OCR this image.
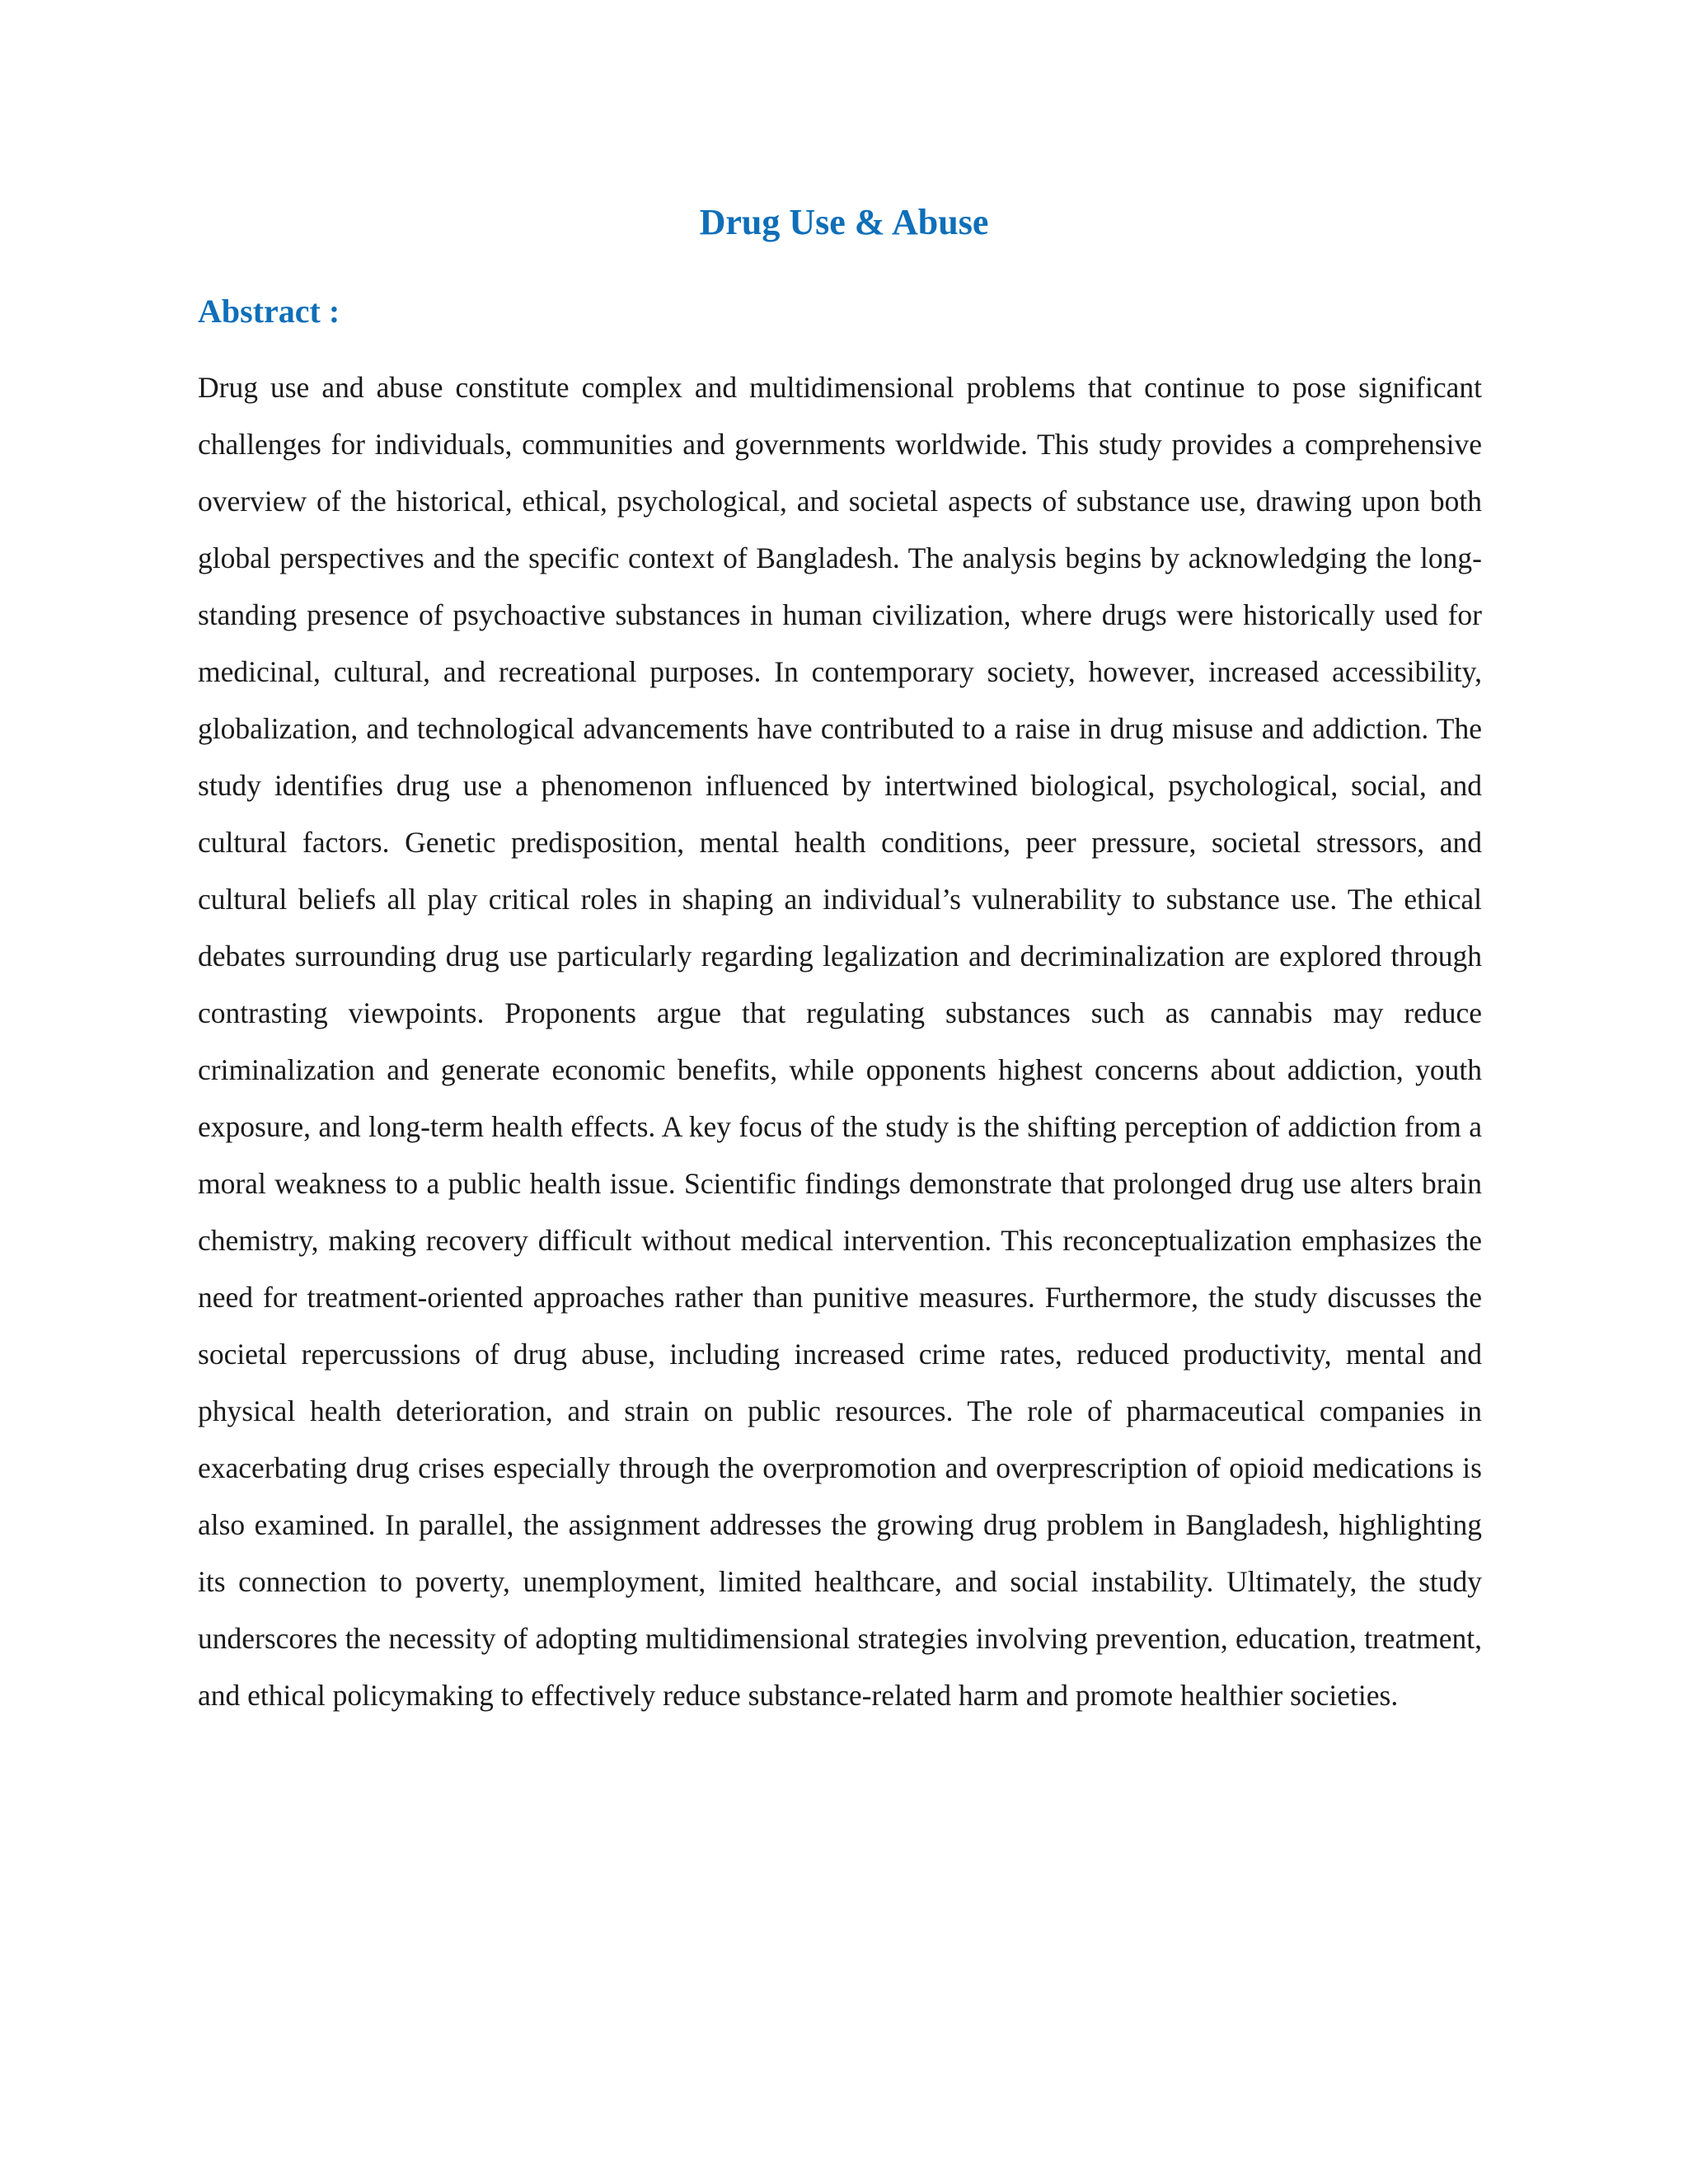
Drug Use & Abuse
Abstract :

Drug use and abuse constitute complex and multidimensional problems that continue to pose significant challenges for individuals, communities and governments worldwide. This study provides a comprehensive overview of the historical, ethical, psychological, and societal aspects of substance use, drawing upon both global perspectives and the specific context of Bangladesh. The analysis begins by acknowledging the long-standing presence of psychoactive substances in human civilization, where drugs were historically used for medicinal, cultural, and recreational purposes. In contemporary society, however, increased accessibility, globalization, and technological advancements have contributed to a raise in drug misuse and addiction. The study identifies drug use a phenomenon influenced by intertwined biological, psychological, social, and cultural factors. Genetic predisposition, mental health conditions, peer pressure, societal stressors, and cultural beliefs all play critical roles in shaping an individual’s vulnerability to substance use. The ethical debates surrounding drug use particularly regarding legalization and decriminalization are explored through contrasting viewpoints. Proponents argue that regulating substances such as cannabis may reduce criminalization and generate economic benefits, while opponents highest concerns about addiction, youth exposure, and long-term health effects. A key focus of the study is the shifting perception of addiction from a moral weakness to a public health issue. Scientific findings demonstrate that prolonged drug use alters brain chemistry, making recovery difficult without medical intervention. This reconceptualization emphasizes the need for treatment-oriented approaches rather than punitive measures. Furthermore, the study discusses the societal repercussions of drug abuse, including increased crime rates, reduced productivity, mental and physical health deterioration, and strain on public resources. The role of pharmaceutical companies in exacerbating drug crises especially through the overpromotion and overprescription of opioid medications is also examined. In parallel, the assignment addresses the growing drug problem in Bangladesh, highlighting its connection to poverty, unemployment, limited healthcare, and social instability. Ultimately, the study underscores the necessity of adopting multidimensional strategies involving prevention, education, treatment, and ethical policymaking to effectively reduce substance-related harm and promote healthier societies.
